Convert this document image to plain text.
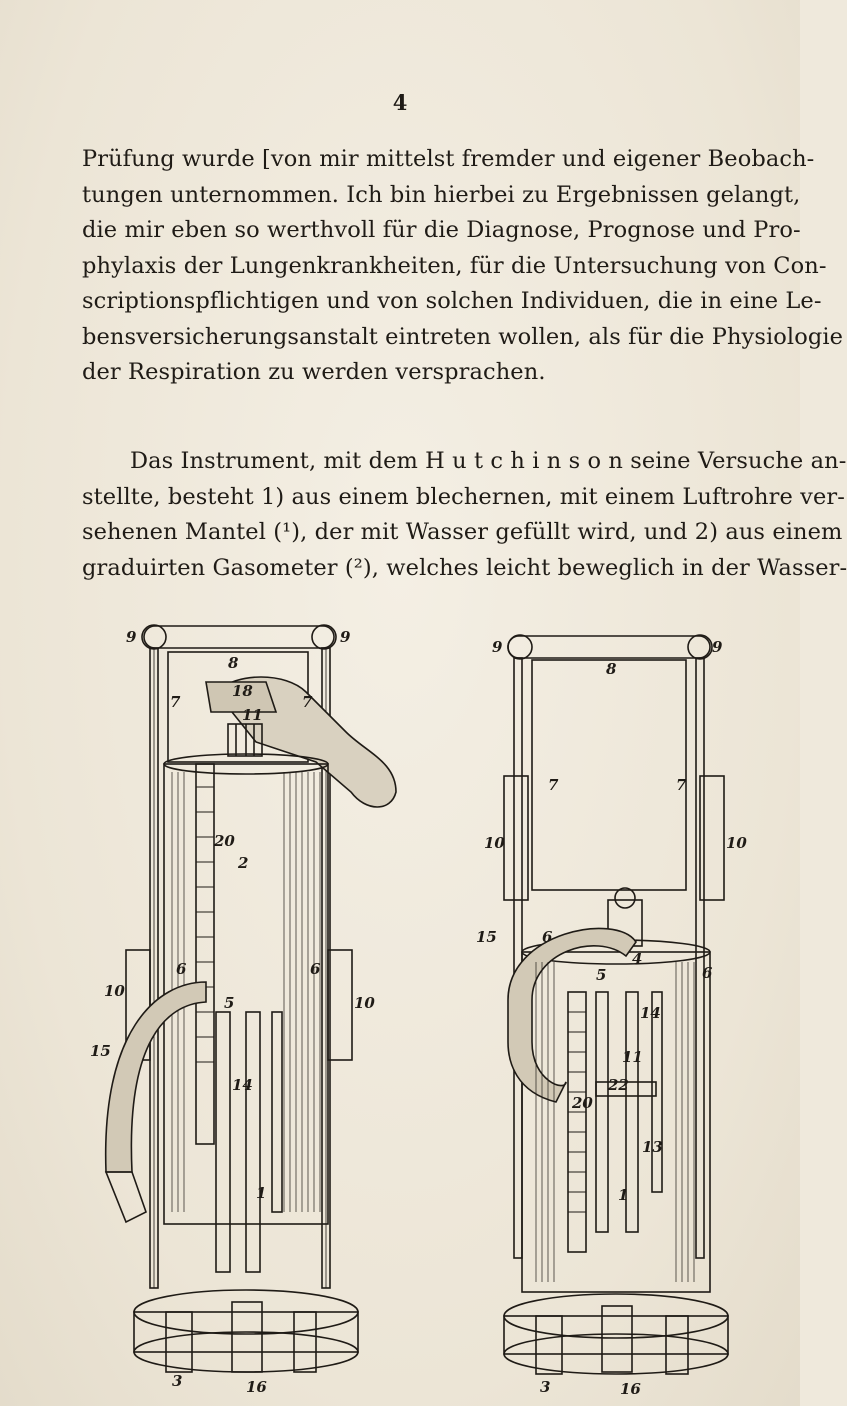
4
Prüfung wurde [von mir mittelst fremder und eigener Beobach-
tungen unternommen. Ich bin hierbei zu Ergebnissen gelangt,
die mir eben so werthvoll für die Diagnose, Prognose und Pro-
phylaxis der Lungenkrankheiten, für die Untersuchung von Con-
scriptionspflichtigen und von solchen Individuen, die in eine Le-
bensversicherungsanstalt eintreten wollen, als für die Physiologie
der Respiration zu werden versprachen.
Das Instrument, mit dem H u t c h i n s o n seine Versuche an-
stellte, besteht 1) aus einem blechernen, mit einem Luftrohre ver-
sehenen Mantel (¹), der mit Wasser gefüllt wird, und 2) aus einem
graduirten Gasometer (²), welches leicht beweglich in der Wasser-
9	9
8
7	7
11
18
20
2
10
15
6	6
5	10
14
1
3	16
9	9
8
7	7
10	10
15	6
4
5	6
14
11
20
22
13
1
3	16
